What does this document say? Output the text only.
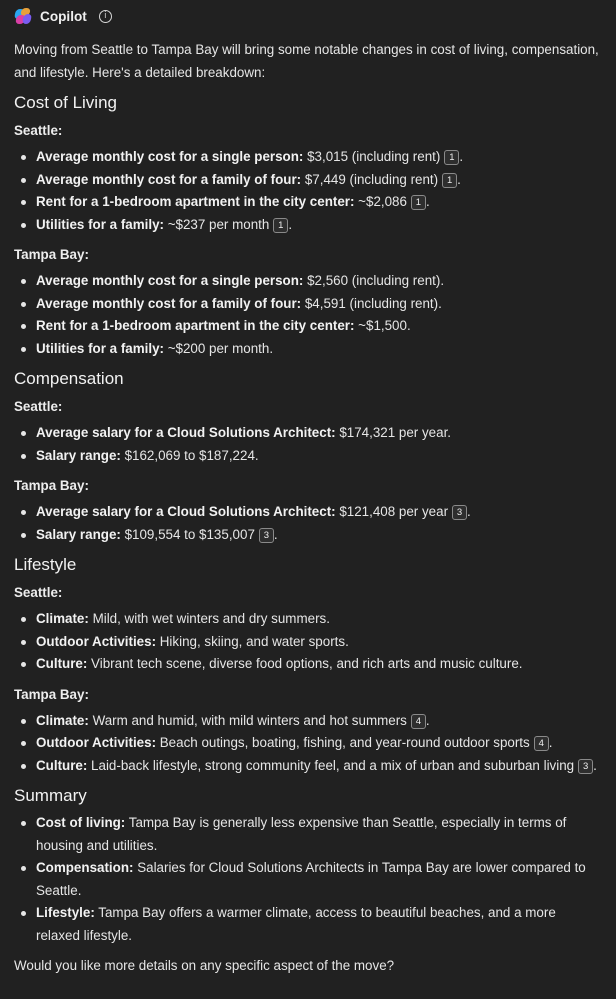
Copilot	i
Moving from Seattle to Tampa Bay will bring some notable changes in cost of living, compensation, and lifestyle. Here's a detailed breakdown:
Cost of Living
Seattle:
Average monthly cost for a single person: $3,015 (including rent) 1 .
Average monthly cost for a family of four: $7,449 (including rent) 1 .
Rent for a 1-bedroom apartment in the city center: ~$2,086 1 .
Utilities for a family: ~$237 per month 1 .
Tampa Bay:
Average monthly cost for a single person: $2,560 (including rent).
Average monthly cost for a family of four: $4,591 (including rent).
Rent for a 1-bedroom apartment in the city center: ~$1,500.
Utilities for a family: ~$200 per month.
Compensation
Seattle:
Average salary for a Cloud Solutions Architect: $174,321 per year.
Salary range: $162,069 to $187,224.
Tampa Bay:
Average salary for a Cloud Solutions Architect: $121,408 per year 3 .
Salary range: $109,554 to $135,007 3 .
Lifestyle
Seattle:
Climate: Mild, with wet winters and dry summers.
Outdoor Activities: Hiking, skiing, and water sports.
Culture: Vibrant tech scene, diverse food options, and rich arts and music culture.
Tampa Bay:
Climate: Warm and humid, with mild winters and hot summers 4 .
Outdoor Activities: Beach outings, boating, fishing, and year-round outdoor sports 4 .
Culture: Laid-back lifestyle, strong community feel, and a mix of urban and suburban living 3 .
Summary
Cost of living: Tampa Bay is generally less expensive than Seattle, especially in terms of housing and utilities.
Compensation: Salaries for Cloud Solutions Architects in Tampa Bay are lower compared to Seattle.
Lifestyle: Tampa Bay offers a warmer climate, access to beautiful beaches, and a more relaxed lifestyle.
Would you like more details on any specific aspect of the move?
